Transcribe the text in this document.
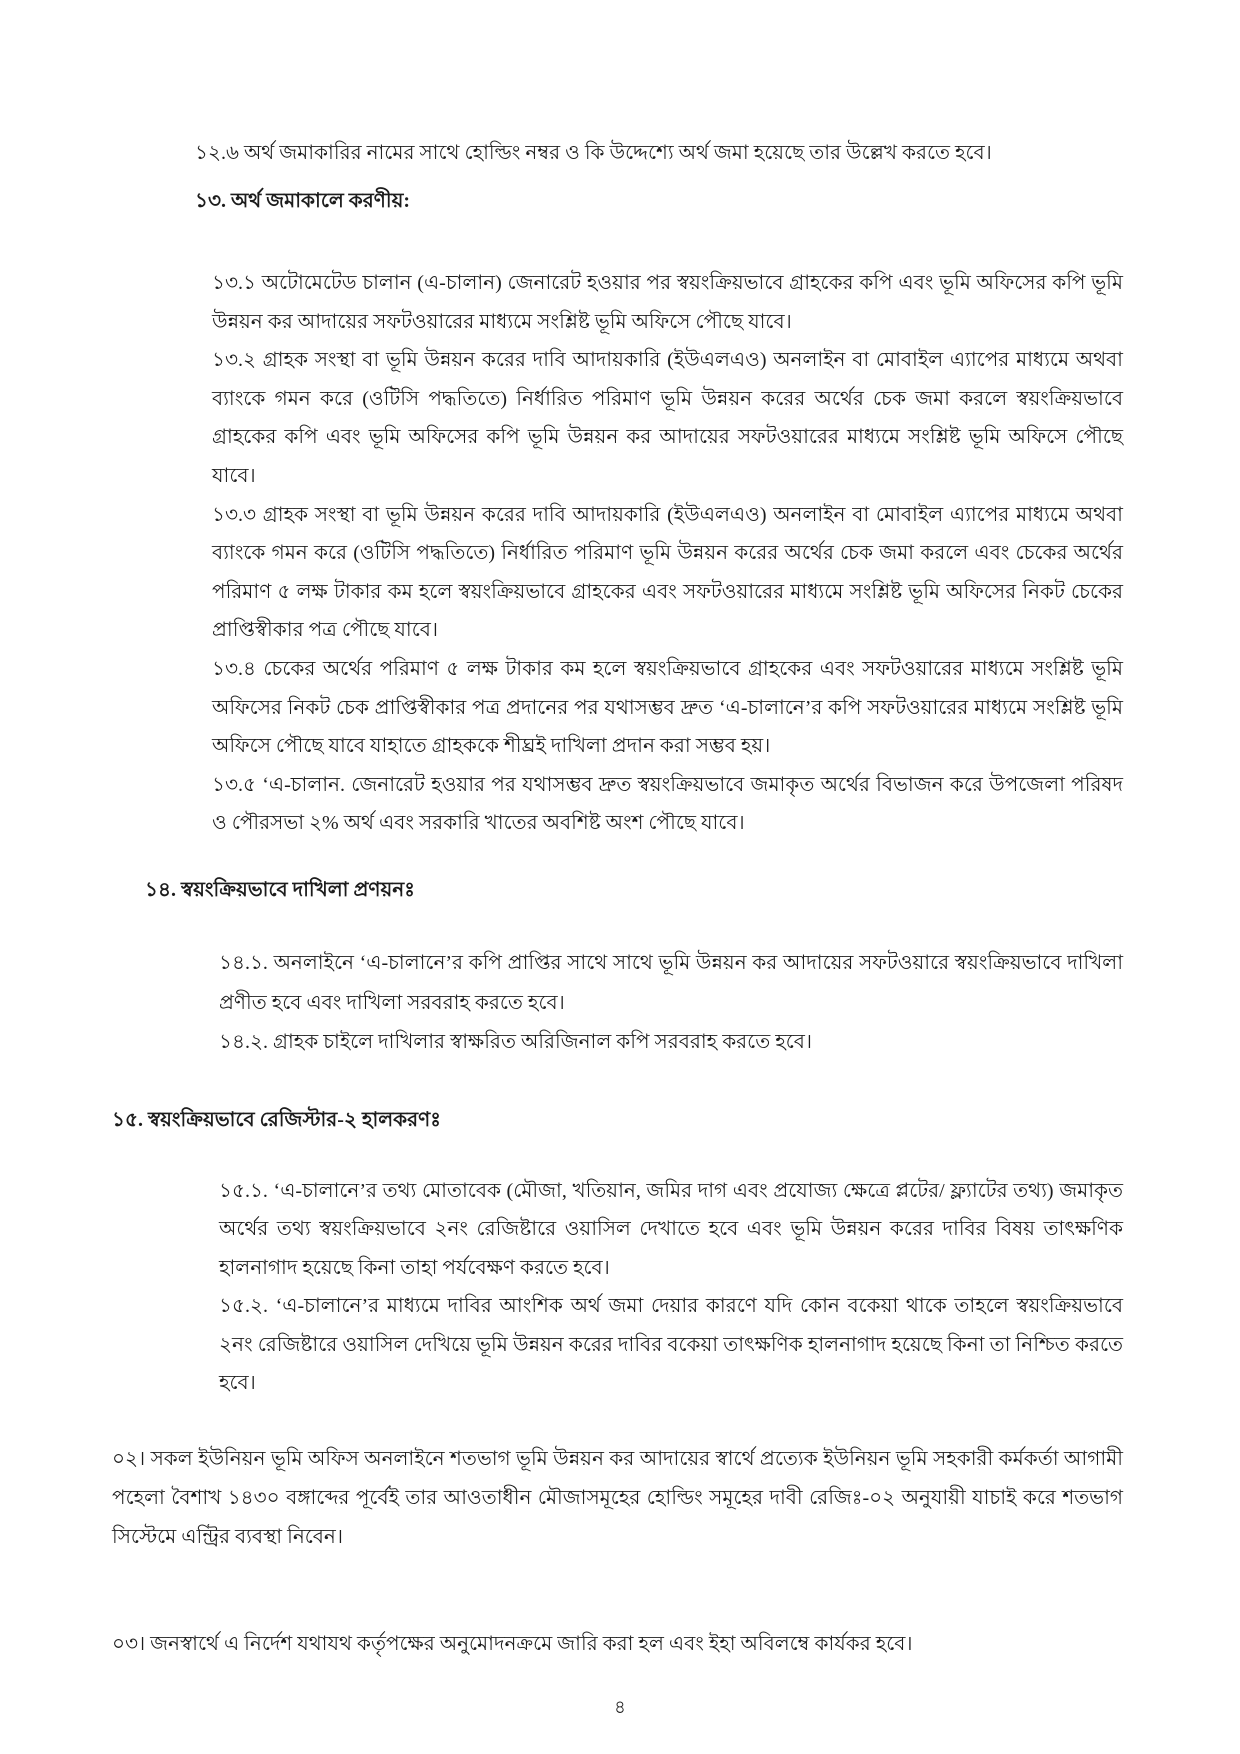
১২.৬ অর্থ জমাকারির নামের সাথে হোল্ডিং নম্বর ও কি উদ্দেশ্যে অর্থ জমা হয়েছে তার উল্লেখ করতে হবে।

১৩. অর্থ জমাকালে করণীয়:

১৩.১ অটোমেটেড চালান (এ-চালান) জেনারেট হওয়ার পর স্বয়ংক্রিয়ভাবে গ্রাহকের কপি এবং ভূমি অফিসের কপি ভূমি উন্নয়ন কর আদায়ের সফটওয়ারের মাধ্যমে সংশ্লিষ্ট ভূমি অফিসে পৌছে যাবে।

১৩.২ গ্রাহক সংস্থা বা ভূমি উন্নয়ন করের দাবি আদায়কারি (ইউএলএও) অনলাইন বা মোবাইল এ্যাপের মাধ্যমে অথবা ব্যাংকে গমন করে (ওটিসি পদ্ধতিতে) নির্ধারিত পরিমাণ ভূমি উন্নয়ন করের অর্থের চেক জমা করলে স্বয়ংক্রিয়ভাবে গ্রাহকের কপি এবং ভূমি অফিসের কপি ভূমি উন্নয়ন কর আদায়ের সফটওয়ারের মাধ্যমে সংশ্লিষ্ট ভূমি অফিসে পৌছে যাবে।

১৩.৩ গ্রাহক সংস্থা বা ভূমি উন্নয়ন করের দাবি আদায়কারি (ইউএলএও) অনলাইন বা মোবাইল এ্যাপের মাধ্যমে অথবা ব্যাংকে গমন করে (ওটিসি পদ্ধতিতে) নির্ধারিত পরিমাণ ভূমি উন্নয়ন করের অর্থের চেক জমা করলে এবং চেকের অর্থের পরিমাণ ৫ লক্ষ টাকার কম হলে স্বয়ংক্রিয়ভাবে গ্রাহকের এবং সফটওয়ারের মাধ্যমে সংশ্লিষ্ট ভূমি অফিসের নিকট চেকের প্রাপ্তিস্বীকার পত্র পৌছে যাবে।

১৩.৪ চেকের অর্থের পরিমাণ ৫ লক্ষ টাকার কম হলে স্বয়ংক্রিয়ভাবে গ্রাহকের এবং সফটওয়ারের মাধ্যমে সংশ্লিষ্ট ভূমি অফিসের নিকট চেক প্রাপ্তিস্বীকার পত্র প্রদানের পর যথাসম্ভব দ্রুত ‘এ-চালানে’র কপি সফটওয়ারের মাধ্যমে সংশ্লিষ্ট ভূমি অফিসে পৌছে যাবে যাহাতে গ্রাহককে শীঘ্রই দাখিলা প্রদান করা সম্ভব হয়।

১৩.৫ ‘এ-চালান. জেনারেট হওয়ার পর যথাসম্ভব দ্রুত স্বয়ংক্রিয়ভাবে জমাকৃত অর্থের বিভাজন করে উপজেলা পরিষদ ও পৌরসভা ২% অর্থ এবং সরকারি খাতের অবশিষ্ট অংশ পৌছে যাবে।

১৪. স্বয়ংক্রিয়ভাবে দাখিলা প্রণয়নঃ

১৪.১. অনলাইনে ‘এ-চালানে’র কপি প্রাপ্তির সাথে সাথে ভূমি উন্নয়ন কর আদায়ের সফটওয়ারে স্বয়ংক্রিয়ভাবে দাখিলা প্রণীত হবে এবং দাখিলা সরবরাহ করতে হবে।

১৪.২. গ্রাহক চাইলে দাখিলার স্বাক্ষরিত অরিজিনাল কপি সরবরাহ করতে হবে।

১৫. স্বয়ংক্রিয়ভাবে রেজিস্টার-২ হালকরণঃ

১৫.১. ‘এ-চালানে’র তথ্য মোতাবেক (মৌজা, খতিয়ান, জমির দাগ এবং প্রযোজ্য ক্ষেত্রে প্লটের/ ফ্ল্যাটের তথ্য) জমাকৃত অর্থের তথ্য স্বয়ংক্রিয়ভাবে ২নং রেজিষ্টারে ওয়াসিল দেখাতে হবে এবং ভূমি উন্নয়ন করের দাবির বিষয় তাৎক্ষণিক হালনাগাদ হয়েছে কিনা তাহা পর্যবেক্ষণ করতে হবে।

১৫.২. ‘এ-চালানে’র মাধ্যমে দাবির আংশিক অর্থ জমা দেয়ার কারণে যদি কোন বকেয়া থাকে তাহলে স্বয়ংক্রিয়ভাবে ২নং রেজিষ্টারে ওয়াসিল দেখিয়ে ভূমি উন্নয়ন করের দাবির বকেয়া তাৎক্ষণিক হালনাগাদ হয়েছে কিনা তা নিশ্চিত করতে হবে।

০২। সকল ইউনিয়ন ভূমি অফিস অনলাইনে শতভাগ ভূমি উন্নয়ন কর আদায়ের স্বার্থে প্রত্যেক ইউনিয়ন ভূমি সহকারী কর্মকর্তা আগামী পহেলা বৈশাখ ১৪৩০ বঙ্গাব্দের পূর্বেই তার আওতাধীন মৌজাসমূহের হোল্ডিং সমূহের দাবী রেজিঃ-০২ অনুযায়ী যাচাই করে শতভাগ সিস্টেমে এন্ট্রির ব্যবস্থা নিবেন।

০৩। জনস্বার্থে এ নির্দেশ যথাযথ কর্তৃপক্ষের অনুমোদনক্রমে জারি করা হল এবং ইহা অবিলম্বে কার্যকর হবে।

৪
